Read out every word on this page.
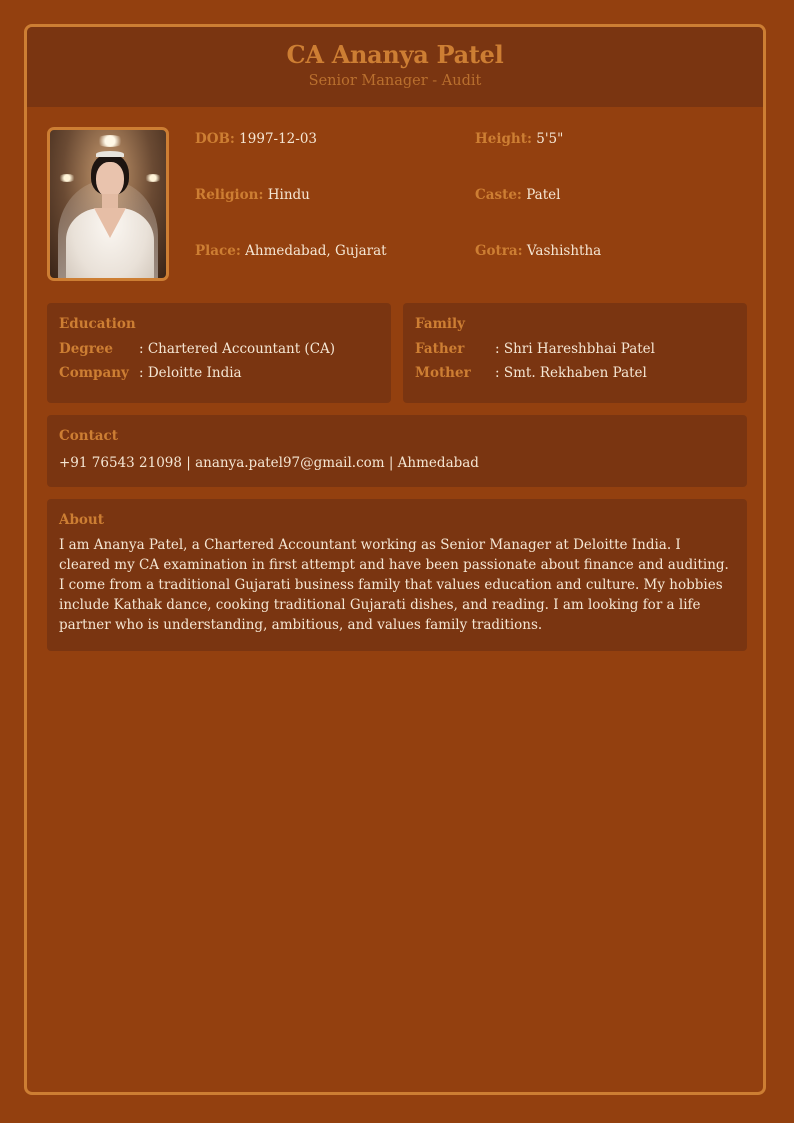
CA Ananya Patel
Senior Manager - Audit
DOB: 1997-12-03	Height: 5'5"
Religion: Hindu	Caste: Patel
Place: Ahmedabad, Gujarat	Gotra: Vashishtha
Education
Degree	: Chartered Accountant (CA)
Company : Deloitte India
Family
Father	: Shri Hareshbhai Patel
Mother	: Smt. Rekhaben Patel
Contact
+91 76543 21098 | ananya.patel97@gmail.com | Ahmedabad
About
I am Ananya Patel, a Chartered Accountant working as Senior Manager at Deloitte India. I cleared my CA examination in first attempt and have been passionate about finance and auditing. I come from a traditional Gujarati business family that values education and culture. My hobbies include Kathak dance, cooking traditional Gujarati dishes, and reading. I am looking for a life partner who is understanding, ambitious, and values family traditions.
